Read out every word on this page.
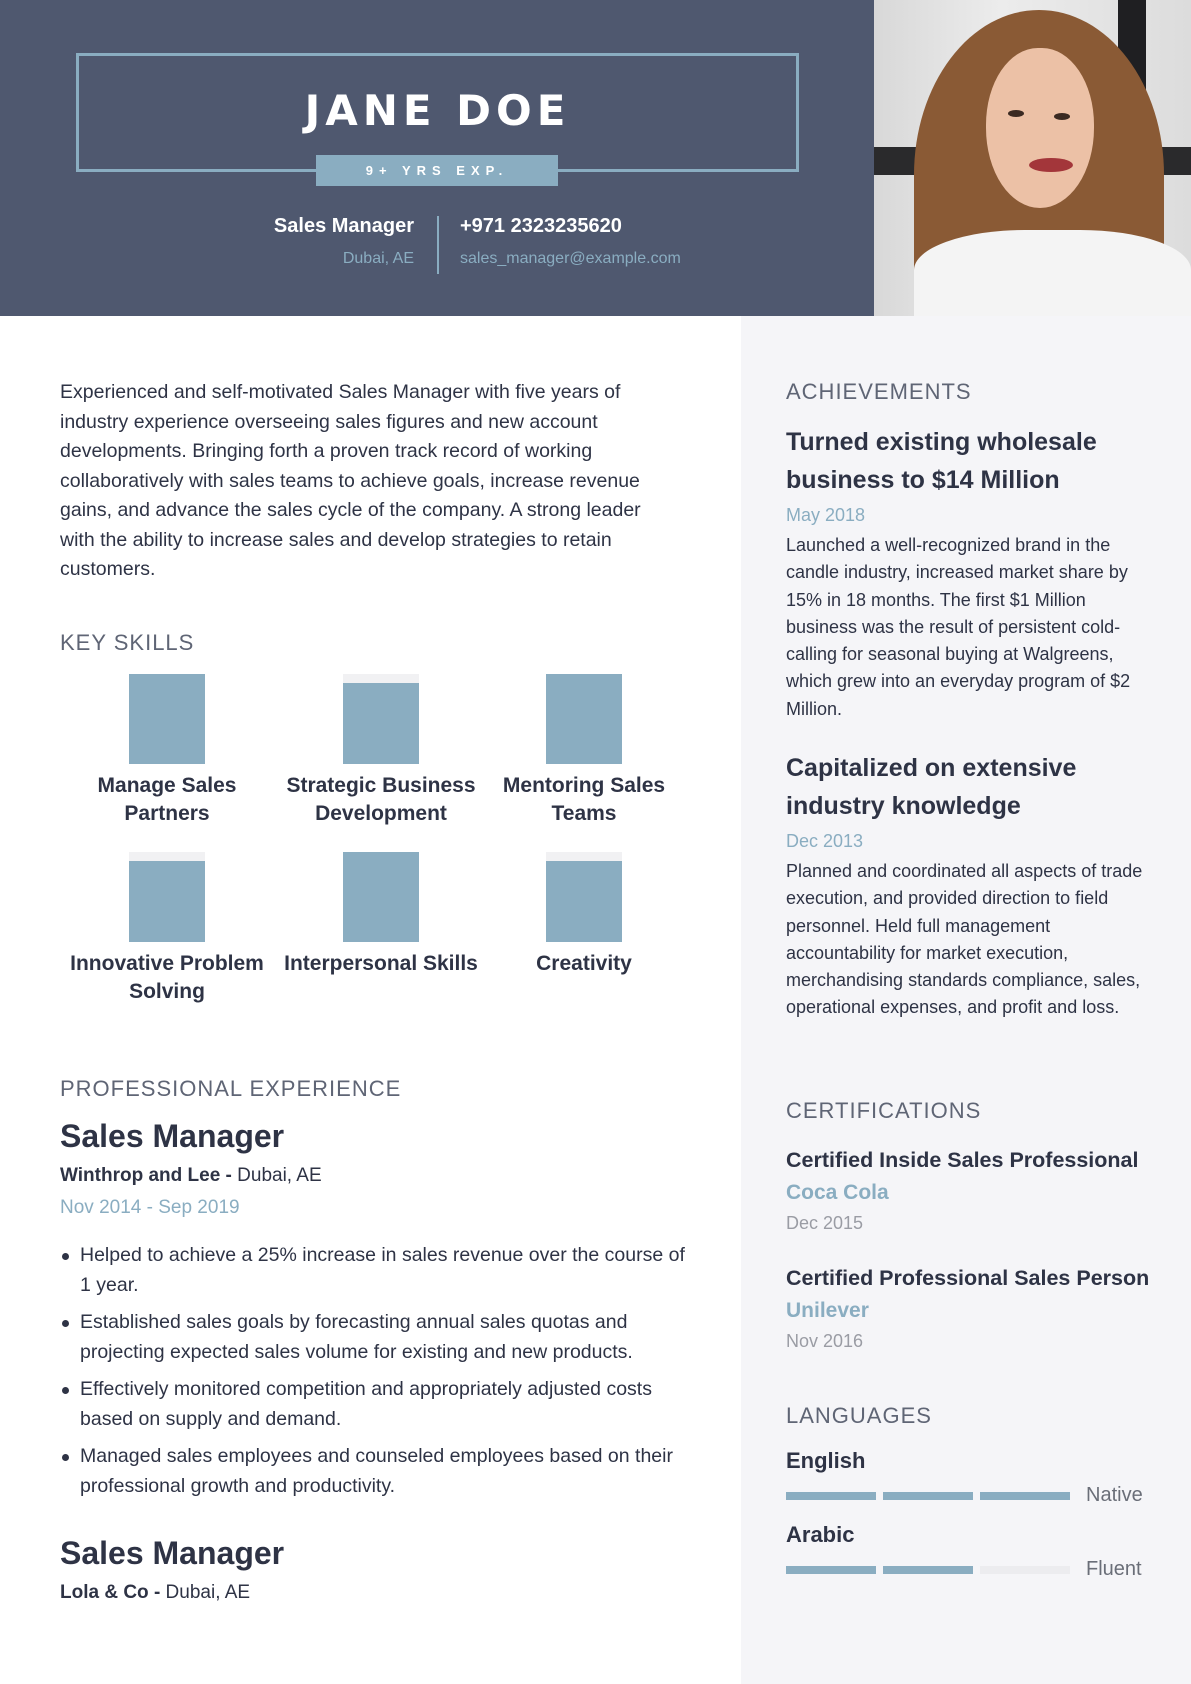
JANE DOE
9+ YRS EXP.
Sales Manager
Dubai, AE
+971 2323235620
sales_manager@example.com

Experienced and self-motivated Sales Manager with five years of industry experience overseeing sales figures and new account developments. Bringing forth a proven track record of working collaboratively with sales teams to achieve goals, increase revenue gains, and advance the sales cycle of the company. A strong leader with the ability to increase sales and develop strategies to retain customers.

KEY SKILLS
Manage Sales Partners
Strategic Business Development
Mentoring Sales Teams
Innovative Problem Solving
Interpersonal Skills	Creativity
PROFESSIONAL EXPERIENCE
Sales Manager
Winthrop and Lee - Dubai, AE
Nov 2014 - Sep 2019
Helped to achieve a 25% increase in sales revenue over the course of 1 year.
Established sales goals by forecasting annual sales quotas and projecting expected sales volume for existing and new products.
Effectively monitored competition and appropriately adjusted costs based on supply and demand.
Managed sales employees and counseled employees based on their professional growth and productivity.
Sales Manager
Lola & Co - Dubai, AE
ACHIEVEMENTS
Turned existing wholesale business to $14 Million
May 2018
Launched a well-recognized brand in the candle industry, increased market share by 15% in 18 months. The first $1 Million business was the result of persistent cold-calling for seasonal buying at Walgreens, which grew into an everyday program of $2 Million.
Capitalized on extensive industry knowledge
Dec 2013
Planned and coordinated all aspects of trade execution, and provided direction to field personnel. Held full management accountability for market execution, merchandising standards compliance, sales, operational expenses, and profit and loss.
CERTIFICATIONS
Certified Inside Sales Professional
Coca Cola
Dec 2015
Certified Professional Sales Person
Unilever
Nov 2016
LANGUAGES
English
Native
Arabic
Fluent
